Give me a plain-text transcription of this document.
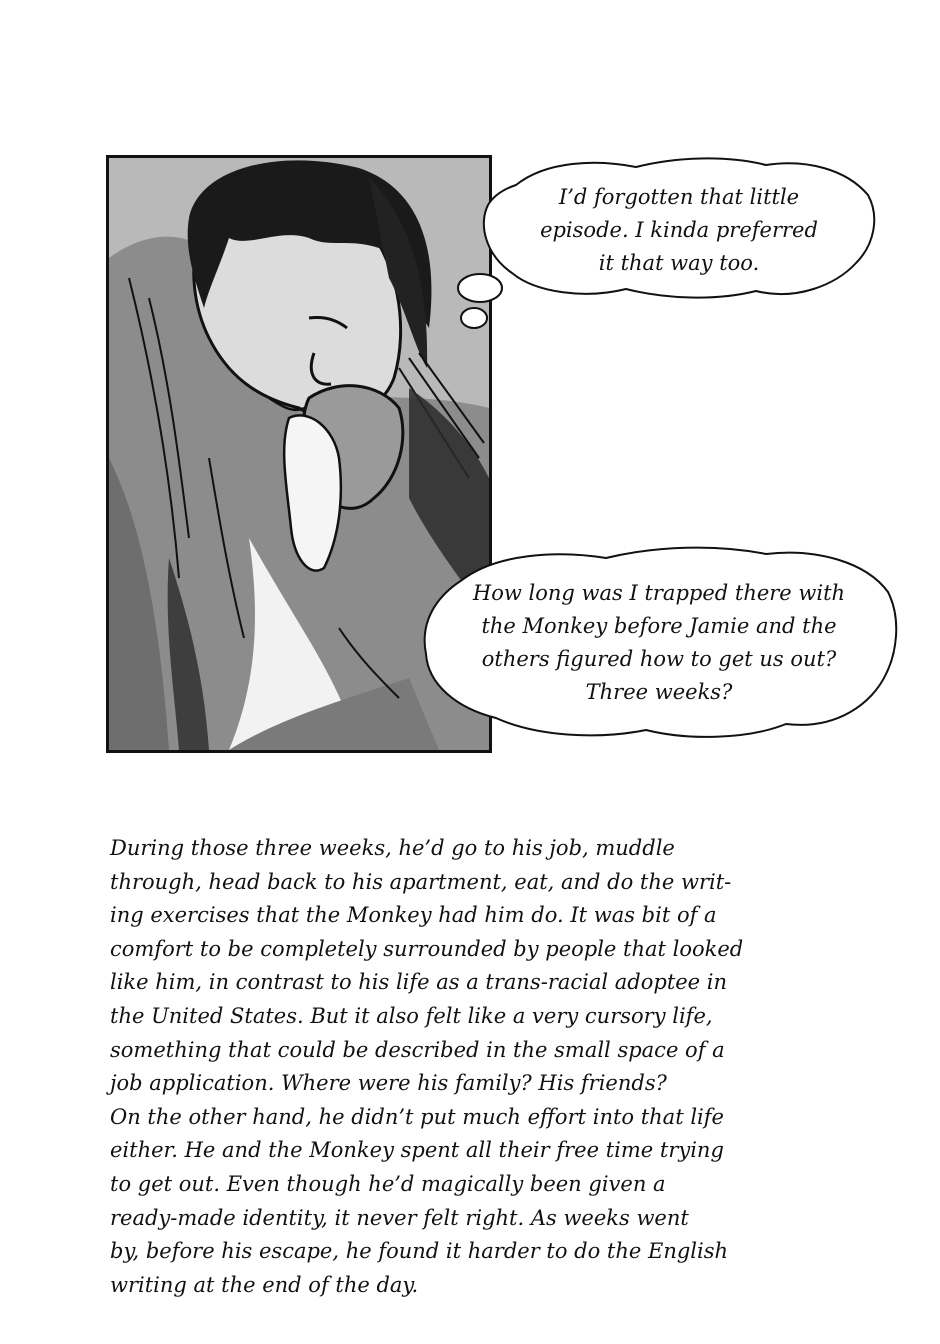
I’d forgotten that little
episode. I kinda preferred
it that way too.
How long was I trapped there with
the Monkey before Jamie and the
others figured how to get us out?
Three weeks?
During those three weeks, he’d go to his job, muddle
through, head back to his apartment, eat, and do the writ-
ing exercises that the Monkey had him do. It was bit of a
comfort to be completely surrounded by people that looked
like him, in contrast to his life as a trans-racial adoptee in
the United States. But it also felt like a very cursory life,
something that could be described in the small space of a
job application. Where were his family? His friends?
On the other hand, he didn’t put much effort into that life
either. He and the Monkey spent all their free time trying
to get out. Even though he’d magically been given a
ready-made identity, it never felt right. As weeks went
by, before his escape, he found it harder to do the English
writing at the end of the day.
